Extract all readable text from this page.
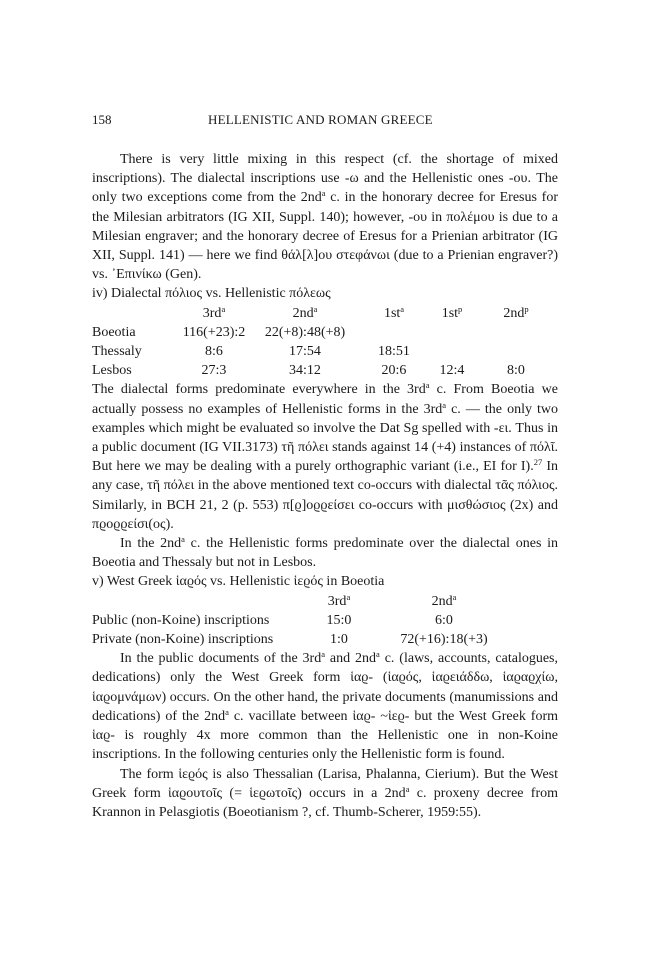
158	HELLENISTIC AND ROMAN GREECE

There is very little mixing in this respect (cf. the shortage of mixed inscriptions). The dialectal inscriptions use -ω and the Hellenistic ones -ου. The only two exceptions come from the $2nd^a$ c. in the honorary decree for Eresus for the Milesian arbitrators (IG XII, Suppl. 140); however, -ου in πολέμου is due to a Milesian engraver; and the honorary decree of Eresus for a Prienian arbitrator (IG XII, Suppl. 141) — here we find θάλ[λ]ου στεφάνωι (due to a Prienian engraver?) vs. ᾽Επινίκω (Gen).

iv) Dialectal πόλιος vs. Hellenistic πόλεως
	$3rd^a$	$2nd^a$	$1st^a$	$1st^p$	$2nd^p$
Boeotia	116(+23):2	22(+8):48(+8)			
Thessaly	8:6	17:54	18:51		
Lesbos	27:3	34:12	20:6	12:4	8:0

The dialectal forms predominate everywhere in the $3rd^a$ c. From Boeotia we actually possess no examples of Hellenistic forms in the $3rd^a$ c. — the only two examples which might be evaluated so involve the Dat Sg spelled with -ει. Thus in a public document (IG VII.3173) τῆ πόλει stands against 14 (+4) instances of πόλῖ. But here we may be dealing with a purely orthographic variant (i.e., EI for I).$^{27}$ In any case, τῆ πόλει in the above mentioned text co-occurs with dialectal τᾶς πόλιος. Similarly, in BCH 21, 2 (p. 553) π[ϱ]οϱϱείσει co-occurs with μισθώσιος (2x) and πϱοϱϱείσι(ος).

In the $2nd^a$ c. the Hellenistic forms predominate over the dialectal ones in Boeotia and Thessaly but not in Lesbos.

v) West Greek ἱαϱός vs. Hellenistic ἱεϱός in Boeotia
	$3rd^a$	$2nd^a$
Public (non-Koine) inscriptions	15:0	6:0
Private (non-Koine) inscriptions	1:0	72(+16):18(+3)

In the public documents of the $3rd^a$ and $2nd^a$ c. (laws, accounts, catalogues, dedications) only the West Greek form ἱαϱ- (ἱαϱός, ἱαϱειάδδω, ἱαϱαϱχίω, ἱαϱομνάμων) occurs. On the other hand, the private documents (manumissions and dedications) of the $2nd^a$ c. vacillate between ἱαϱ- ~ἱεϱ- but the West Greek form ἱαϱ- is roughly 4x more common than the Hellenistic one in non-Koine inscriptions. In the following centuries only the Hellenistic form is found.

The form ἱεϱός is also Thessalian (Larisa, Phalanna, Cierium). But the West Greek form ἱαϱουτοῖς (= ἱεϱωτοῖς) occurs in a $2nd^a$ c. proxeny decree from Krannon in Pelasgiotis (Boeotianism ?, cf. Thumb-Scherer, 1959:55).
